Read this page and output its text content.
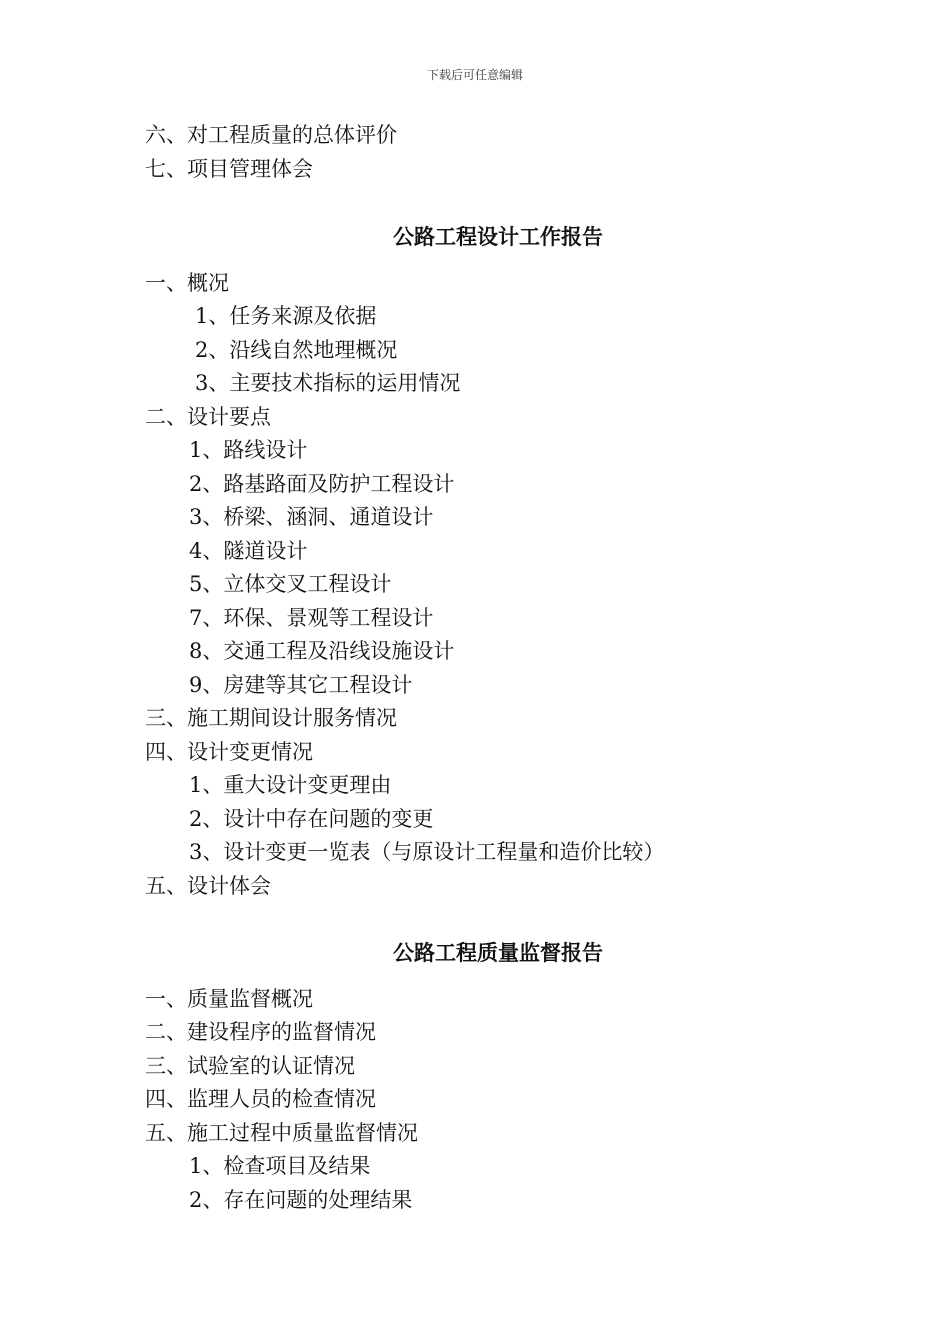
下载后可任意编辑
六、对工程质量的总体评价
七、项目管理体会
公路工程设计工作报告
一、概况
1、任务来源及依据
2、沿线自然地理概况
3、主要技术指标的运用情况
二、设计要点
1、路线设计
2、路基路面及防护工程设计
3、桥梁、涵洞、通道设计
4、隧道设计
5、立体交叉工程设计
7、环保、景观等工程设计
8、交通工程及沿线设施设计
9、房建等其它工程设计
三、施工期间设计服务情况
四、设计变更情况
1、重大设计变更理由
2、设计中存在问题的变更
3、设计变更一览表（与原设计工程量和造价比较）
五、设计体会
公路工程质量监督报告
一、质量监督概况
二、建设程序的监督情况
三、试验室的认证情况
四、监理人员的检查情况
五、施工过程中质量监督情况
1、检查项目及结果
2、存在问题的处理结果
